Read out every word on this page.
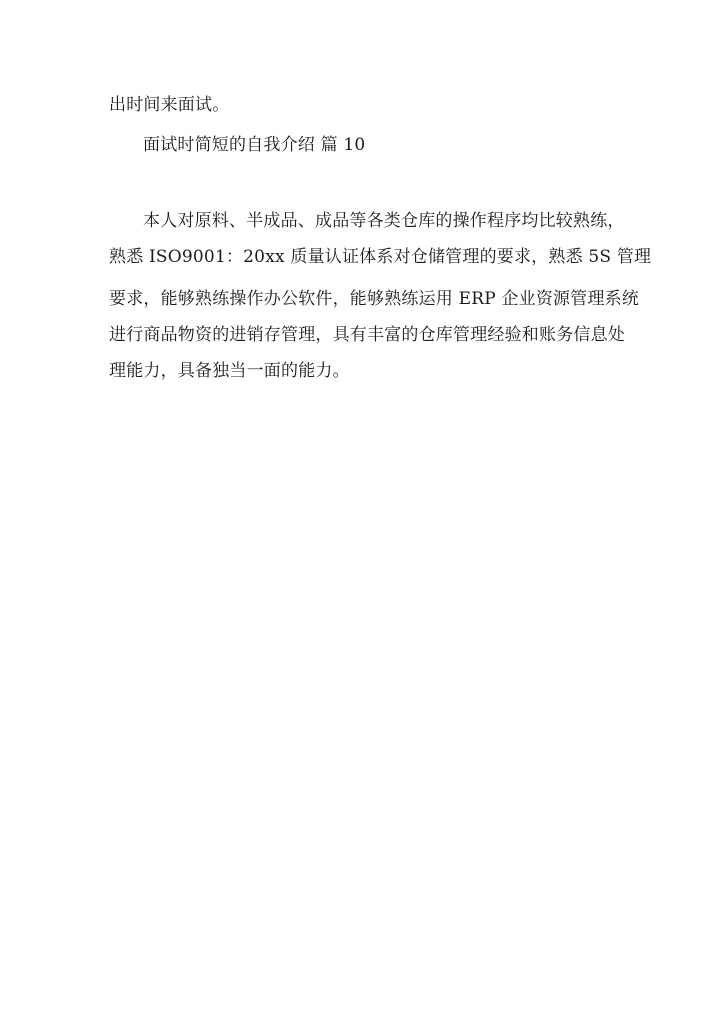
出时间来面试。
面试时简短的自我介绍 篇 10
本人对原料、半成品、成品等各类仓库的操作程序均比较熟练，
熟悉 ISO9001：20xx 质量认证体系对仓储管理的要求，熟悉 5S 管理
要求，能够熟练操作办公软件，能够熟练运用 ERP 企业资源管理系统
进行商品物资的进销存管理，具有丰富的仓库管理经验和账务信息处
理能力，具备独当一面的能力。
